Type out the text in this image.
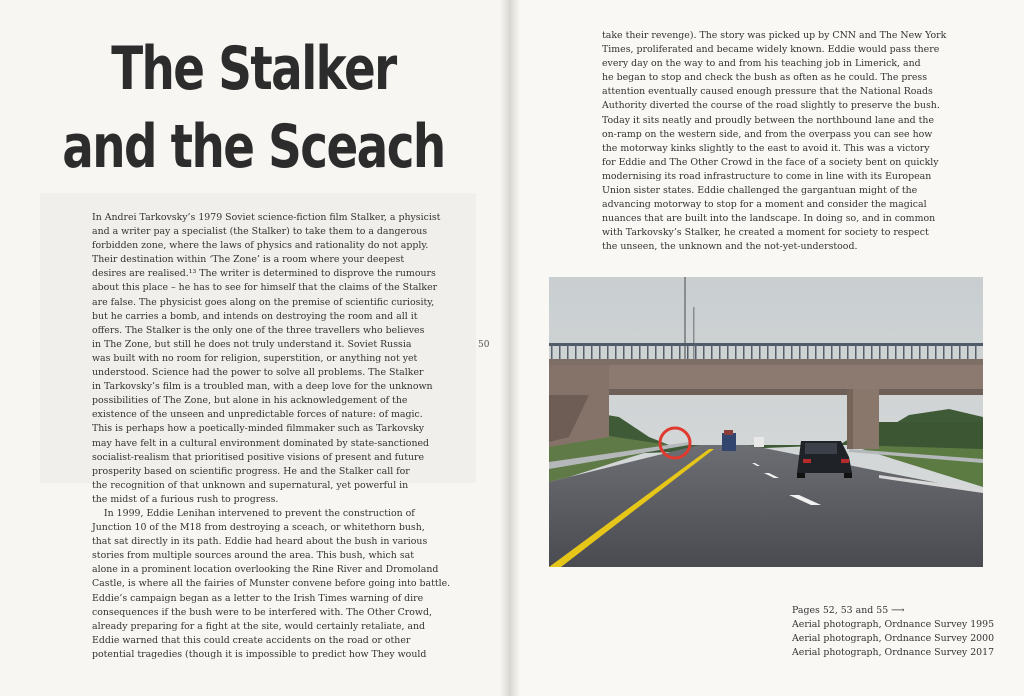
The Stalker
and the Sceach
In Andrei Tarkovsky’s 1979 Soviet science-fiction film Stalker, a physicist
and a writer pay a specialist (the Stalker) to take them to a dangerous
forbidden zone, where the laws of physics and rationality do not apply.
Their destination within ‘The Zone’ is a room where your deepest
desires are realised.¹³ The writer is determined to disprove the rumours
about this place – he has to see for himself that the claims of the Stalker
are false. The physicist goes along on the premise of scientific curiosity,
but he carries a bomb, and intends on destroying the room and all it
offers. The Stalker is the only one of the three travellers who believes
in The Zone, but still he does not truly understand it. Soviet Russia
was built with no room for religion, superstition, or anything not yet
understood. Science had the power to solve all problems. The Stalker
in Tarkovsky’s film is a troubled man, with a deep love for the unknown
possibilities of The Zone, but alone in his acknowledgement of the
existence of the unseen and unpredictable forces of nature: of magic.
This is perhaps how a poetically-minded filmmaker such as Tarkovsky
may have felt in a cultural environment dominated by state-sanctioned
socialist-realism that prioritised positive visions of present and future
prosperity based on scientific progress. He and the Stalker call for
the recognition of that unknown and supernatural, yet powerful in
the midst of a furious rush to progress.
In 1999, Eddie Lenihan intervened to prevent the construction of
Junction 10 of the M18 from destroying a sceach, or whitethorn bush,
that sat directly in its path. Eddie had heard about the bush in various
stories from multiple sources around the area. This bush, which sat
alone in a prominent location overlooking the Rine River and Dromoland
Castle, is where all the fairies of Munster convene before going into battle.
Eddie’s campaign began as a letter to the Irish Times warning of dire
consequences if the bush were to be interfered with. The Other Crowd,
already preparing for a fight at the site, would certainly retaliate, and
Eddie warned that this could create accidents on the road or other
potential tragedies (though it is impossible to predict how They would
50
take their revenge). The story was picked up by CNN and The New York
Times, proliferated and became widely known. Eddie would pass there
every day on the way to and from his teaching job in Limerick, and
he began to stop and check the bush as often as he could. The press
attention eventually caused enough pressure that the National Roads
Authority diverted the course of the road slightly to preserve the bush.
Today it sits neatly and proudly between the northbound lane and the
on-ramp on the western side, and from the overpass you can see how
the motorway kinks slightly to the east to avoid it. This was a victory
for Eddie and The Other Crowd in the face of a society bent on quickly
modernising its road infrastructure to come in line with its European
Union sister states. Eddie challenged the gargantuan might of the
advancing motorway to stop for a moment and consider the magical
nuances that are built into the landscape. In doing so, and in common
with Tarkovsky’s Stalker, he created a moment for society to respect
the unseen, the unknown and the not-yet-understood.
Pages 52, 53 and 55 ⟶
Aerial photograph, Ordnance Survey 1995
Aerial photograph, Ordnance Survey 2000
Aerial photograph, Ordnance Survey 2017
